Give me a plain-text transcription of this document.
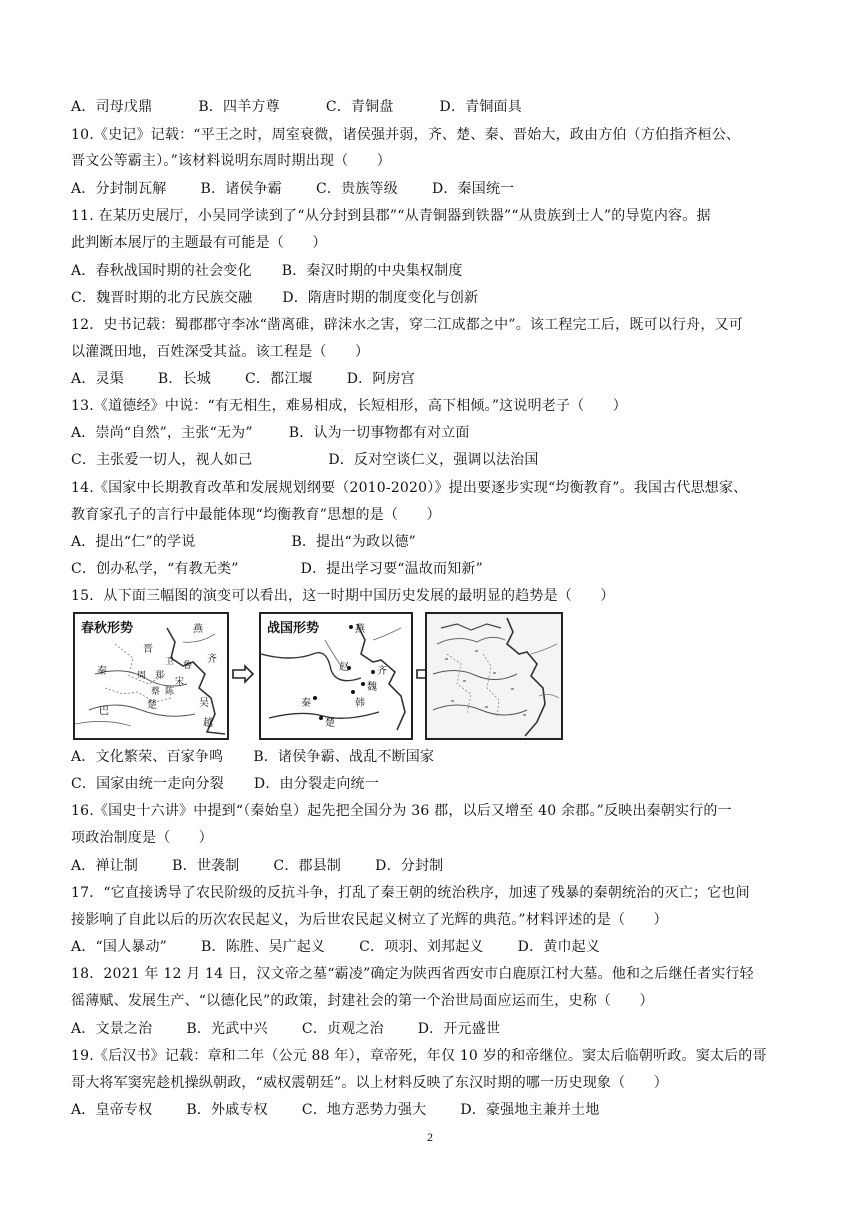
A．司母戊鼎	B．四羊方尊	C．青铜盘	D．青铜面具
10.《史记》记载：“平王之时，周室衰微，诸侯强并弱，齐、楚、秦、晋始大，政由方伯（方伯指齐桓公、
晋文公等霸主）。”该材料说明东周时期出现（　　）
A．分封制瓦解 B．诸侯争霸 C．贵族等级 D．秦国统一
11. 在某历史展厅，小吴同学读到了“从分封到县郡”“从青铜器到铁器”“从贵族到士人”的导览内容。据
此判断本展厅的主题最有可能是（　　）
A．春秋战国时期的社会变化 B．秦汉时期的中央集权制度
C．魏晋时期的北方民族交融 D．隋唐时期的制度变化与创新
12．史书记载：蜀郡郡守李冰“凿离碓，辟沫水之害，穿二江成都之中”。该工程完工后，既可以行舟，又可
以灌溉田地，百姓深受其益。该工程是（　　）
A．灵渠 B．长城 C．都江堰 D．阿房宫
13.《道德经》中说：“有无相生，难易相成，长短相形，高下相倾。”这说明老子（　　）
A．崇尚“自然”，主张“无为”	B．认为一切事物都有对立面
C．主张爱一切人，视人如己	D．反对空谈仁义，强调以法治国
14.《国家中长期教育改革和发展规划纲要（2010-2020）》提出要逐步实现“均衡教育”。我国古代思想家、
教育家孔子的言行中最能体现“均衡教育”思想的是（　　）
A．提出“仁”的学说	B．提出“为政以德”
C．创办私学，“有教无类”	D．提出学习要“温故而知新”
15．从下面三幅图的演变可以看出，这一时期中国历史发展的最明显的趋势是（　　）
A．文化繁荣、百家争鸣 B．诸侯争霸、战乱不断国家
C．国家由统一走向分裂 D．由分裂走向统一
16.《国史十六讲》中提到“（秦始皇）起先把全国分为 36 郡，以后又增至 40 余郡。”反映出秦朝实行的一
项政治制度是（　　）
A．禅让制 B．世袭制 C．郡县制 D．分封制
17．“它直接诱导了农民阶级的反抗斗争，打乱了秦王朝的统治秩序，加速了残暴的秦朝统治的灭亡；它也间
接影响了自此以后的历次农民起义，为后世农民起义树立了光辉的典范。”材料评述的是（　　）
A．“国人暴动” B．陈胜、吴广起义 C．项羽、刘邦起义 D．黄巾起义
18．2021 年 12 月 14 日，汉文帝之墓“霸凌”确定为陕西省西安市白鹿原江村大墓。他和之后继任者实行轻
徭薄赋、发展生产、“以德化民”的政策，封建社会的第一个治世局面应运而生，史称（　　）
A．文景之治 B．光武中兴 C．贞观之治 D．开元盛世
19.《后汉书》记载：章和二年（公元 88 年），章帝死，年仅 10 岁的和帝继位。窦太后临朝听政。窦太后的哥
哥大将军窦宪趁机操纵朝政，“威权震朝廷”。以上材料反映了东汉时期的哪一历史现象（　　）
A．皇帝专权 B．外戚专权 C．地方恶势力强大 D．豪强地主兼并土地
春秋形势	燕
齐
晋
秦	周 郑
宋
鲁
楚	吴
越
巴
卫
陈
蔡
战国形势	燕
赵	齐
魏
韩
秦
楚
2
